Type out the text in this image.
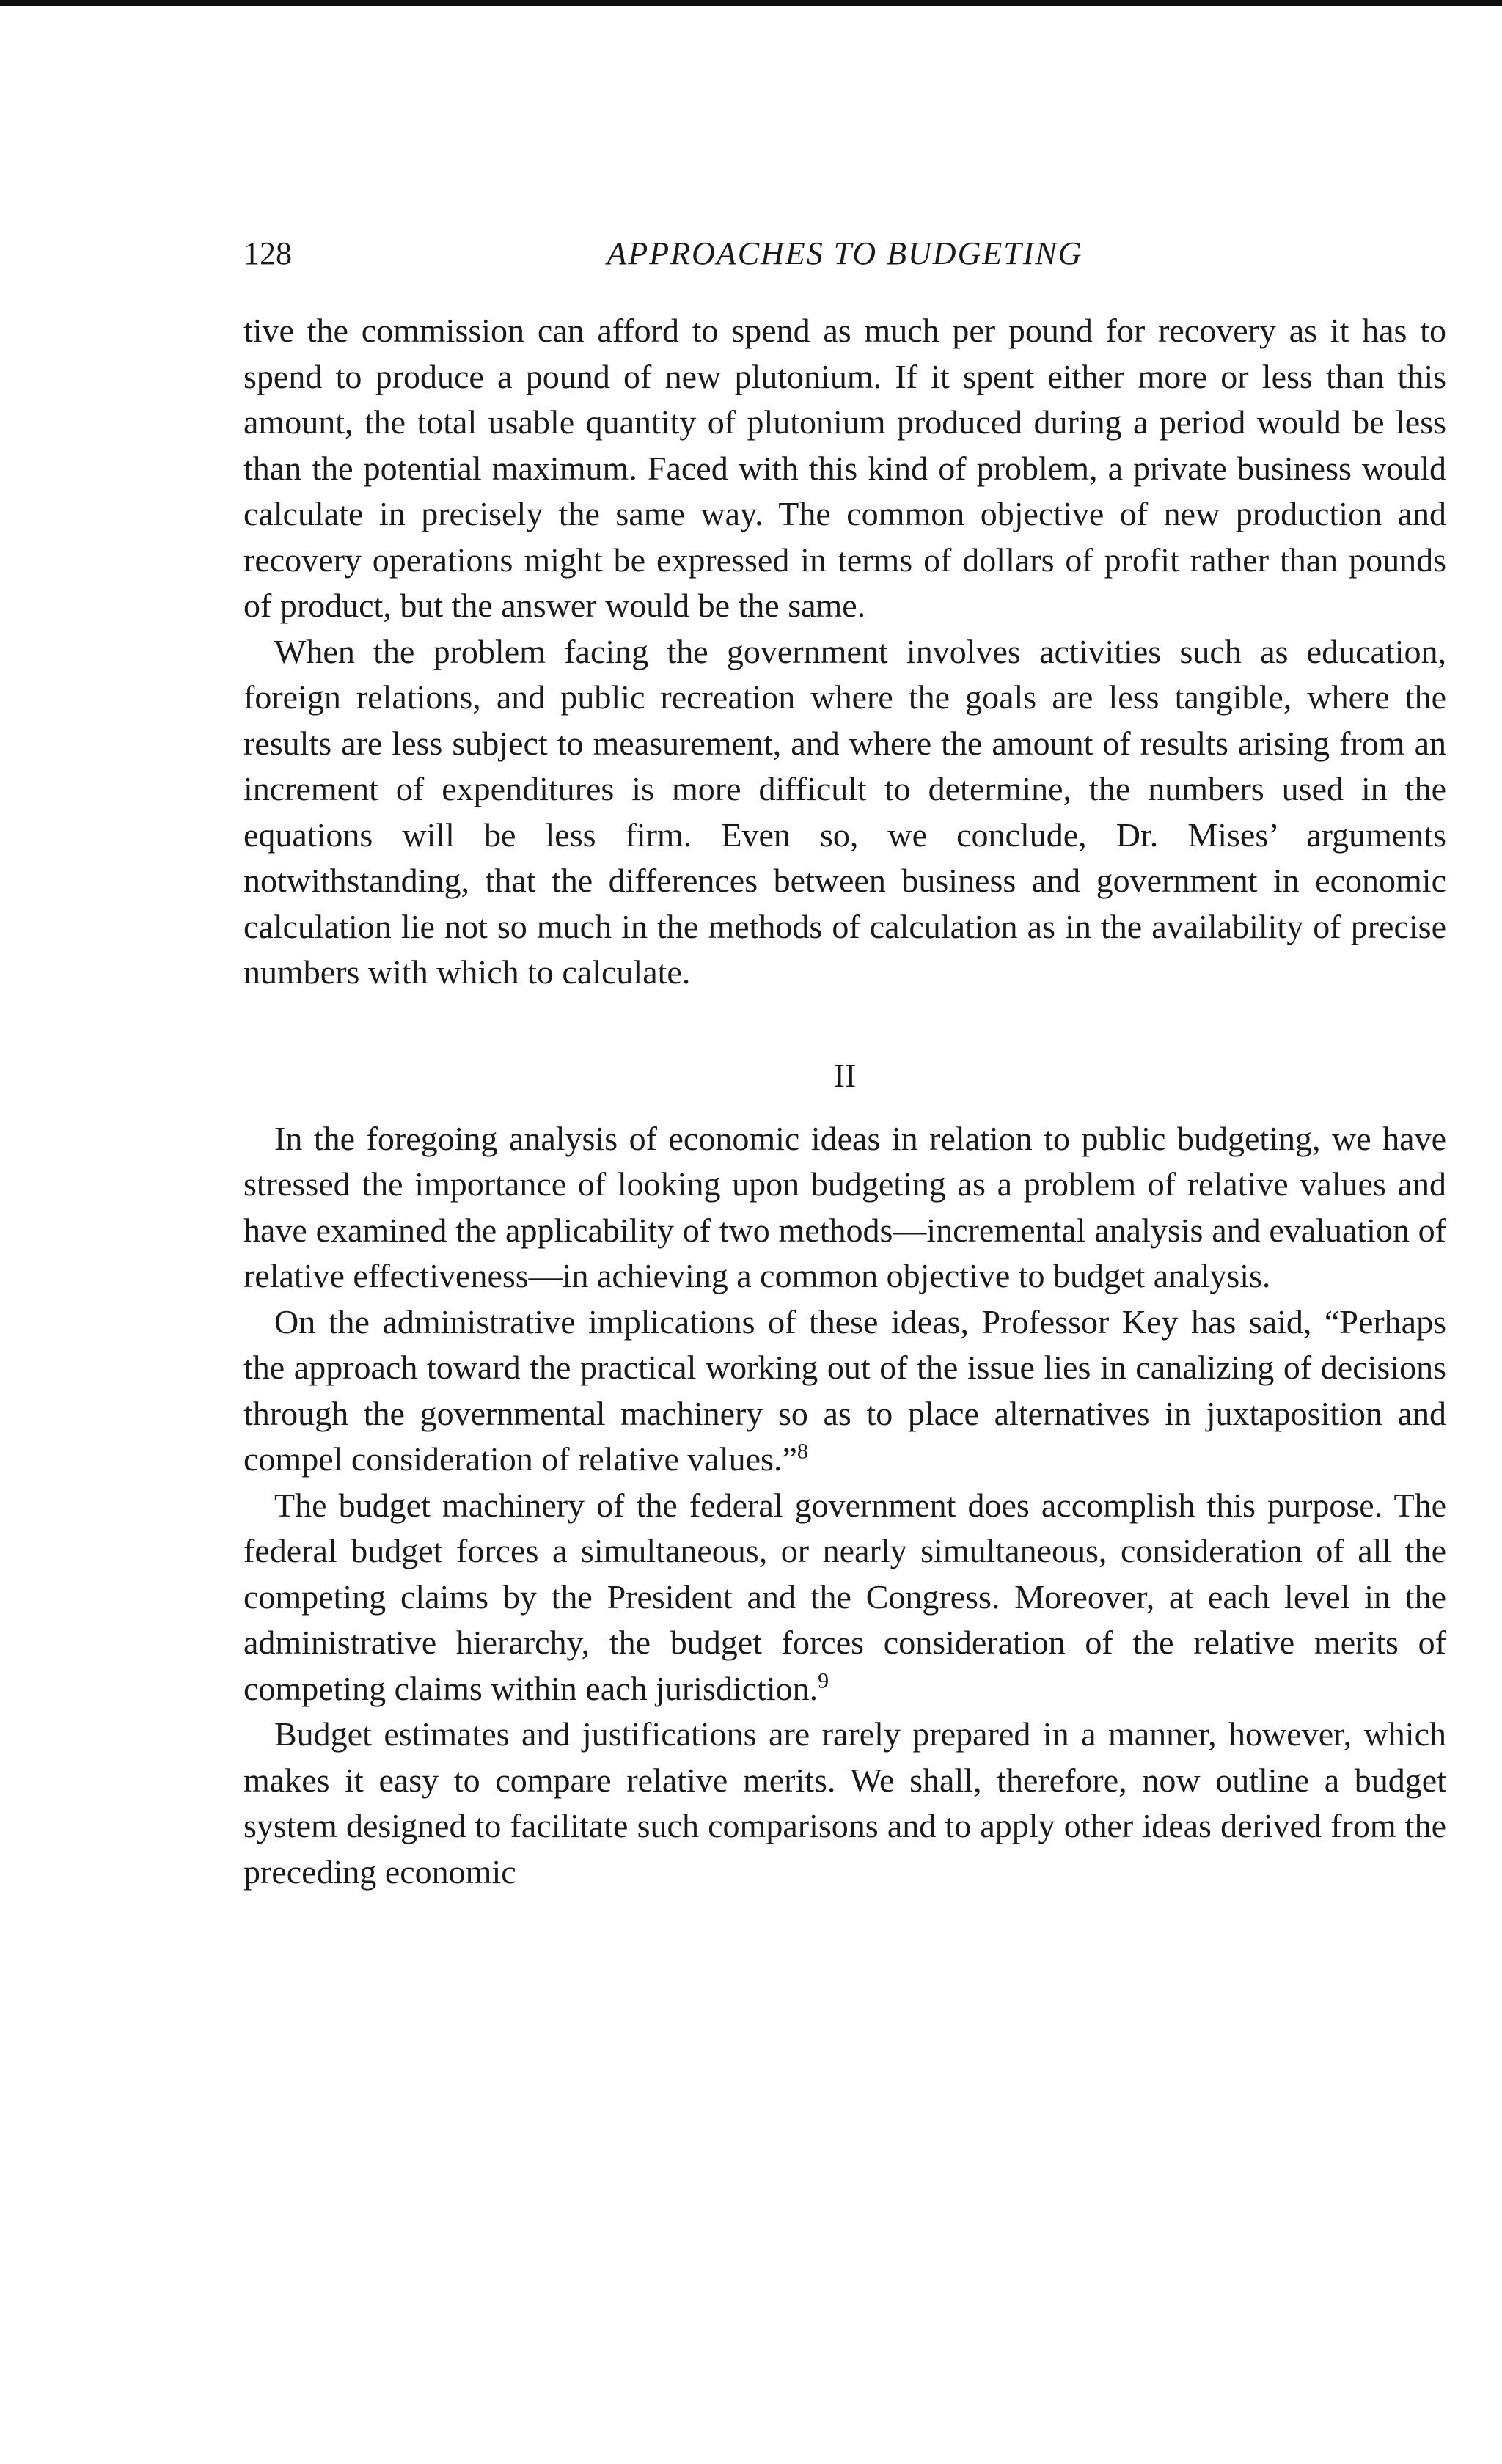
128	APPROACHES TO BUDGETING

tive the commission can afford to spend as much per pound for recovery as it has to spend to produce a pound of new plutonium. If it spent either more or less than this amount, the total usable quantity of plutonium produced during a period would be less than the potential maximum. Faced with this kind of problem, a private business would calculate in precisely the same way. The common objective of new production and recovery operations might be expressed in terms of dollars of profit rather than pounds of product, but the answer would be the same.

When the problem facing the government involves activities such as education, foreign relations, and public recreation where the goals are less tangible, where the results are less subject to measurement, and where the amount of results arising from an increment of expenditures is more difficult to determine, the numbers used in the equations will be less firm. Even so, we conclude, Dr. Mises’ arguments notwithstanding, that the differences between business and government in economic calculation lie not so much in the methods of calculation as in the availability of precise numbers with which to calculate.

II

In the foregoing analysis of economic ideas in relation to public budgeting, we have stressed the importance of looking upon budgeting as a problem of relative values and have examined the applicability of two methods—incremental analysis and evaluation of relative effectiveness—in achieving a common objective to budget analysis.

On the administrative implications of these ideas, Professor Key has said, “Perhaps the approach toward the practical working out of the issue lies in canalizing of decisions through the governmental machinery so as to place alternatives in juxtaposition and compel consideration of relative values.”$^8$

The budget machinery of the federal government does accomplish this purpose. The federal budget forces a simultaneous, or nearly simultaneous, consideration of all the competing claims by the President and the Congress. Moreover, at each level in the administrative hierarchy, the budget forces consideration of the relative merits of competing claims within each jurisdiction.$^9$

Budget estimates and justifications are rarely prepared in a manner, however, which makes it easy to compare relative merits. We shall, therefore, now outline a budget system designed to facilitate such comparisons and to apply other ideas derived from the preceding economic
